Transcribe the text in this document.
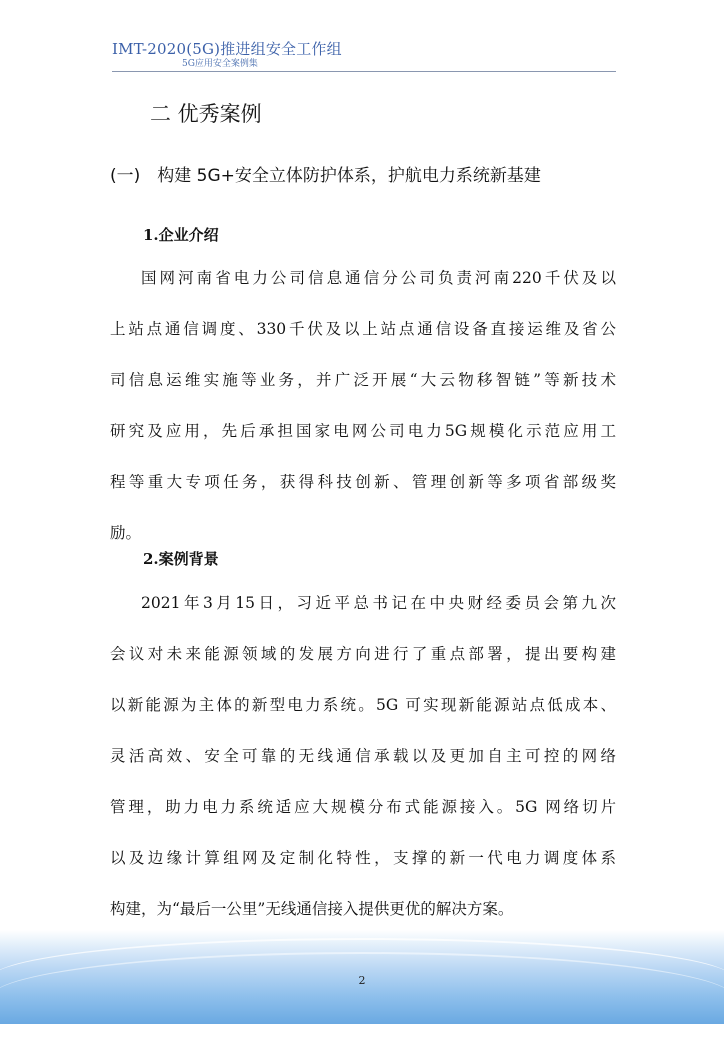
IMT-2020(5G)推进组安全工作组
5G应用安全案例集
二 优秀案例
(一)　构建 5G+安全立体防护体系，护航电力系统新基建
1.企业介绍
国网河南省电力公司信息通信分公司负责河南220千伏及以
上站点通信调度、330千伏及以上站点通信设备直接运维及省公
司信息运维实施等业务，并广泛开展“大云物移智链”等新技术
研究及应用，先后承担国家电网公司电力5G规模化示范应用工
程等重大专项任务，获得科技创新、管理创新等多项省部级奖
励。
2.案例背景
2021年3月15日，习近平总书记在中央财经委员会第九次
会议对未来能源领域的发展方向进行了重点部署，提出要构建
以新能源为主体的新型电力系统。5G 可实现新能源站点低成本、
灵活高效、安全可靠的无线通信承载以及更加自主可控的网络
管理，助力电力系统适应大规模分布式能源接入。5G 网络切片
以及边缘计算组网及定制化特性，支撑的新一代电力调度体系
构建，为“最后一公里”无线通信接入提供更优的解决方案。
2
